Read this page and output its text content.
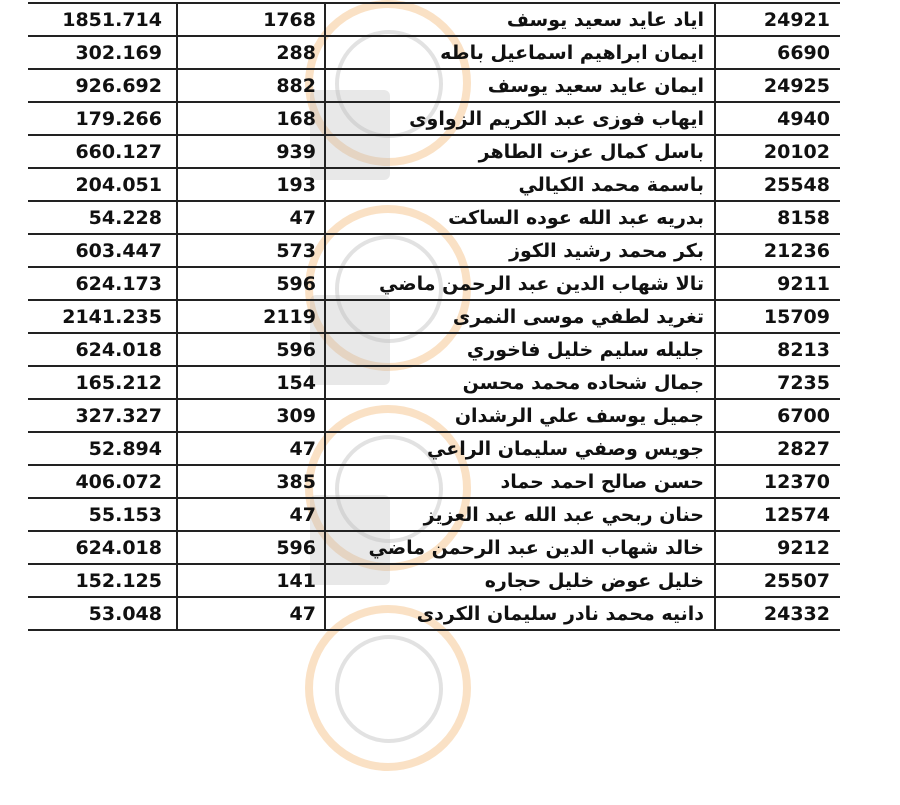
1851.714	1768	اياد عايد سعيد يوسف	24921
302.169	288	ايمان ابراهيم اسماعيل باطه	6690
926.692	882	ايمان عايد سعيد يوسف	24925
179.266	168	ايهاب فوزى عبد الكريم الزواوى	4940
660.127	939	باسل كمال عزت الطاهر	20102
204.051	193	باسمة محمد الكيالي	25548
54.228	47	بدريه عبد الله عوده الساكت	8158
603.447	573	بكر محمد رشيد الكوز	21236
624.173	596	تالا شهاب الدين عبد الرحمن ماضي	9211
2141.235	2119	تغريد لطفي موسى النمرى	15709
624.018	596	جليله سليم خليل فاخوري	8213
165.212	154	جمال شحاده محمد محسن	7235
327.327	309	جميل يوسف علي الرشدان	6700
52.894	47	جويس وصفي سليمان الراعي	2827
406.072	385	حسن صالح احمد حماد	12370
55.153	47	حنان ربحي عبد الله عبد العزيز	12574
624.018	596	خالد شهاب الدين عبد الرحمن ماضي	9212
152.125	141	خليل عوض خليل حجاره	25507
53.048	47	دانيه محمد نادر سليمان الكردى	24332
